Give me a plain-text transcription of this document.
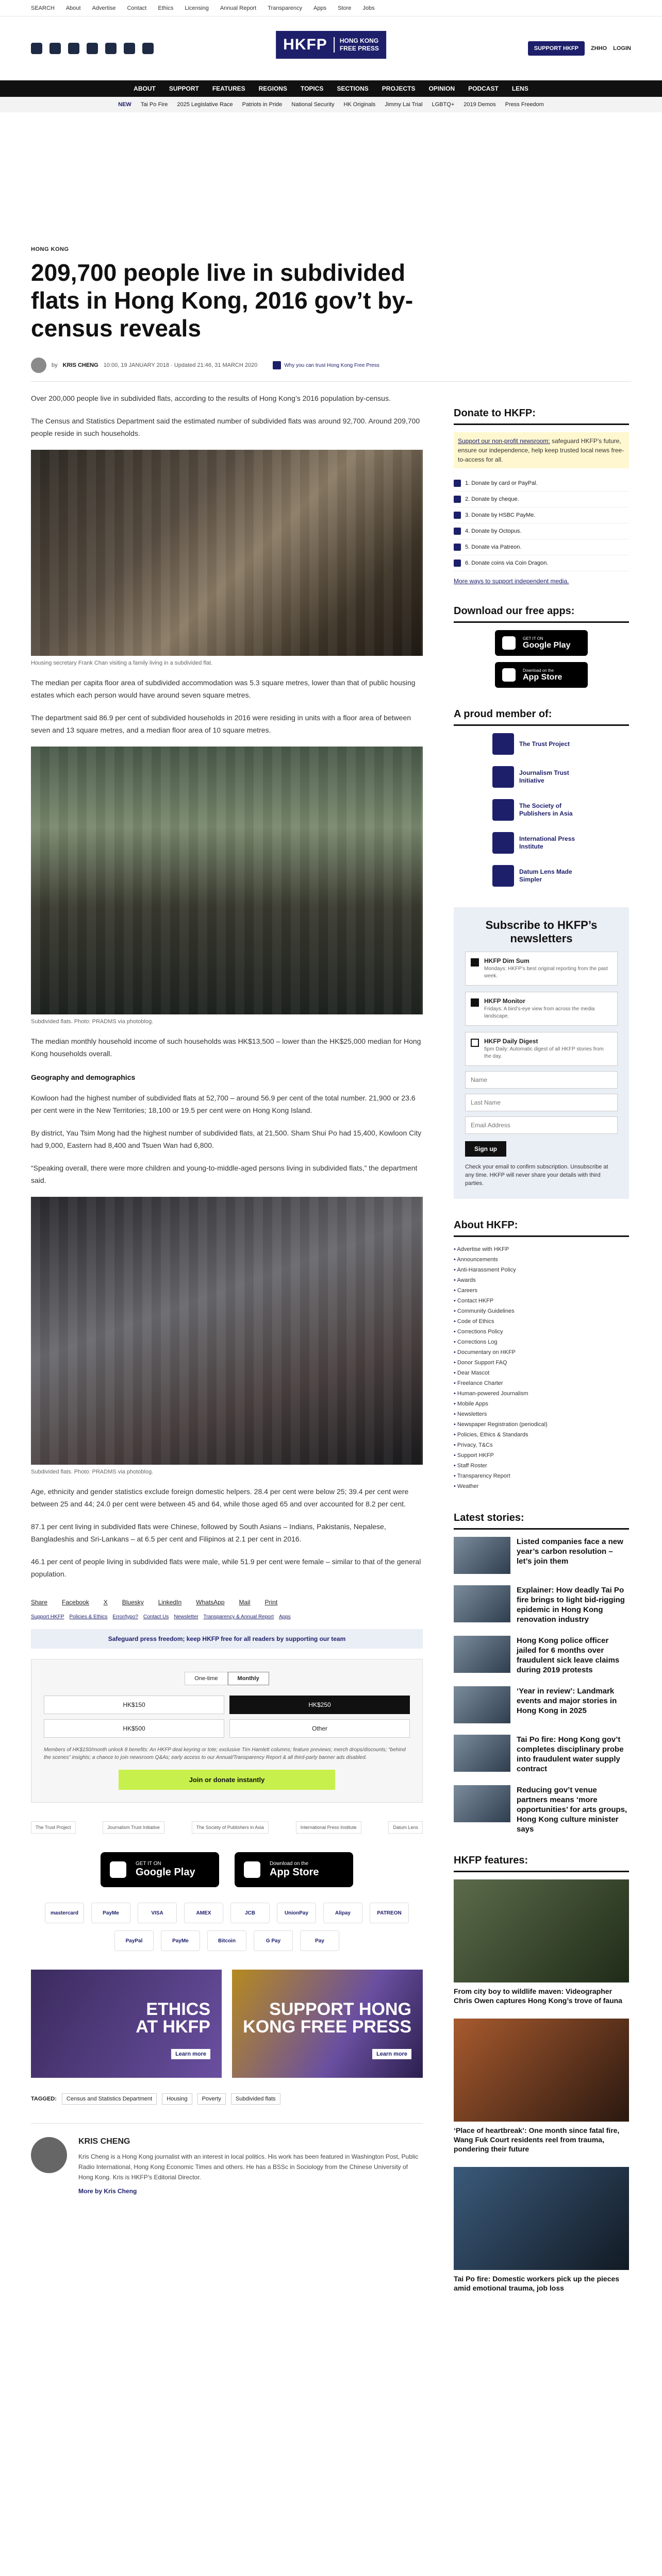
SEARCH About Advertise Contact Ethics Licensing Annual Report Transparency Apps Store Jobs
HKFP	HONG KONG
FREE PRESS	SUPPORT HKFP	ZHHO LOGIN
ABOUT SUPPORT FEATURES REGIONS TOPICS SECTIONS PROJECTS OPINION PODCAST LENS
NEW Tai Po Fire 2025 Legislative Race Patriots in Pride National Security HK Originals Jimmy Lai Trial LGBTQ+ 2019 Demos Press Freedom
HONG KONG
209,700 people live in subdivided flats in Hong Kong, 2016 gov’t by-census reveals
by KRIS CHENG 10:00, 19 JANUARY 2018 · Updated 21:46, 31 MARCH 2020	Why you can trust Hong Kong Free Press

Over 200,000 people live in subdivided flats, according to the results of Hong Kong’s 2016 population by-census.

The Census and Statistics Department said the estimated number of subdivided flats was around 92,700. Around 209,700 people reside in such households.

Housing secretary Frank Chan visiting a family living in a subdivided flat.

The median per capita floor area of subdivided accommodation was 5.3 square metres, lower than that of public housing estates which each person would have around seven square metres.

The department said 86.9 per cent of subdivided households in 2016 were residing in units with a floor area of between seven and 13 square metres, and a median floor area of 10 square metres.

Subdivided flats. Photo: PRADMS via photoblog.

The median monthly household income of such households was HK$13,500 – lower than the HK$25,000 median for Hong Kong households overall.

Geography and demographics

Kowloon had the highest number of subdivided flats at 52,700 – around 56.9 per cent of the total number. 21,900 or 23.6 per cent were in the New Territories; 18,100 or 19.5 per cent were on Hong Kong Island.

By district, Yau Tsim Mong had the highest number of subdivided flats, at 21,500. Sham Shui Po had 15,400, Kowloon City had 9,000, Eastern had 8,400 and Tsuen Wan had 6,800.

“Speaking overall, there were more children and young-to-middle-aged persons living in subdivided flats,” the department said.

Subdivided flats. Photo: PRADMS via photoblog.

Age, ethnicity and gender statistics exclude foreign domestic helpers. 28.4 per cent were below 25; 39.4 per cent were between 25 and 44; 24.0 per cent were between 45 and 64, while those aged 65 and over accounted for 8.2 per cent.

87.1 per cent living in subdivided flats were Chinese, followed by South Asians – Indians, Pakistanis, Nepalese, Bangladeshis and Sri-Lankans – at 6.5 per cent and Filipinos at 2.1 per cent in 2016.

46.1 per cent of people living in subdivided flats were male, while 51.9 per cent were female – similar to that of the general population.

Share Facebook X Bluesky LinkedIn WhatsApp Mail Print
Support HKFP Policies & Ethics Error/typo? Contact Us Newsletter Transparency & Annual Report Apps
Safeguard press freedom; keep HKFP free for all readers by supporting our team
One-time	Monthly
HK$150	HK$250
HK$500	Other
Members of HK$150/month unlock 8 benefits: An HKFP deal keyring or tote; exclusive Tim Hamlett columns; feature previews; merch drops/discounts; “behind the scenes” insights; a chance to join newsroom Q&As; early access to our Annual/Transparency Report & all third-party banner ads disabled.
Join or donate instantly
The Trust Project	Journalism Trust Initiative	The Society of Publishers in Asia	International Press Institute	Datum Lens
GET IT ON
Google Play
Download on the
App Store
mastercard	PayMe	VISA	AMEX	JCB	UnionPay	Alipay	PATREON
PayPal	PayMe	Bitcoin	G Pay	Pay
ETHICS
AT HKFP
Learn more
SUPPORT HONG
KONG FREE PRESS
Learn more
TAGGED:	Census and Statistics Department	Housing	Poverty	Subdivided flats
KRIS CHENG
Kris Cheng is a Hong Kong journalist with an interest in local politics. His work has been featured in Washington Post, Public Radio International, Hong Kong Economic Times and others. He has a BSSc in Sociology from the Chinese University of Hong Kong. Kris is HKFP’s Editorial Director.
More by Kris Cheng
Donate to HKFP:
Support our non-profit newsroom: safeguard HKFP’s future, ensure our independence, help keep trusted local news free-to-access for all.
1. Donate by card or PayPal.
2. Donate by cheque.
3. Donate by HSBC PayMe.
4. Donate by Octopus.
5. Donate via Patreon.
6. Donate coins via Coin Dragon.
More ways to support independent media.
Download our free apps:
GET IT ON
Google Play
Download on the
App Store
A proud member of:
The Trust Project
Journalism Trust Initiative
The Society of Publishers in Asia
International Press Institute
Datum Lens Made Simpler
Subscribe to HKFP’s newsletters
HKFP Dim Sum
Mondays: HKFP’s best original reporting from the past week.
HKFP Monitor
Fridays: A bird’s-eye view from across the media landscape.
HKFP Daily Digest
5pm Daily: Automatic digest of all HKFP stories from the day.
Name Last Name Email Address Sign up
Check your email to confirm subscription. Unsubscribe at any time. HKFP will never share your details with third parties.
About HKFP:
• Advertise with HKFP
• Announcements
• Anti-Harassment Policy
• Awards
• Careers
• Contact HKFP
• Community Guidelines
• Code of Ethics
• Corrections Policy
• Corrections Log
• Documentary on HKFP
• Donor Support FAQ
• Dear Mascot
• Freelance Charter
• Human-powered Journalism
• Mobile Apps
• Newsletters
• Newspaper Registration (periodical)
• Policies, Ethics & Standards
• Privacy, T&Cs
• Support HKFP
• Staff Roster
• Transparency Report
• Weather
Latest stories:
Listed companies face a new year’s carbon resolution – let’s join them
Explainer: How deadly Tai Po fire brings to light bid-rigging epidemic in Hong Kong renovation industry
Hong Kong police officer jailed for 6 months over fraudulent sick leave claims during 2019 protests
‘Year in review’: Landmark events and major stories in Hong Kong in 2025
Tai Po fire: Hong Kong gov’t completes disciplinary probe into fraudulent water supply contract
Reducing gov’t venue partners means ‘more opportunities’ for arts groups, Hong Kong culture minister says
HKFP features:
From city boy to wildlife maven: Videographer Chris Owen captures Hong Kong’s trove of fauna
‘Place of heartbreak’: One month since fatal fire, Wang Fuk Court residents reel from trauma, pondering their future
Tai Po fire: Domestic workers pick up the pieces amid emotional trauma, job loss
